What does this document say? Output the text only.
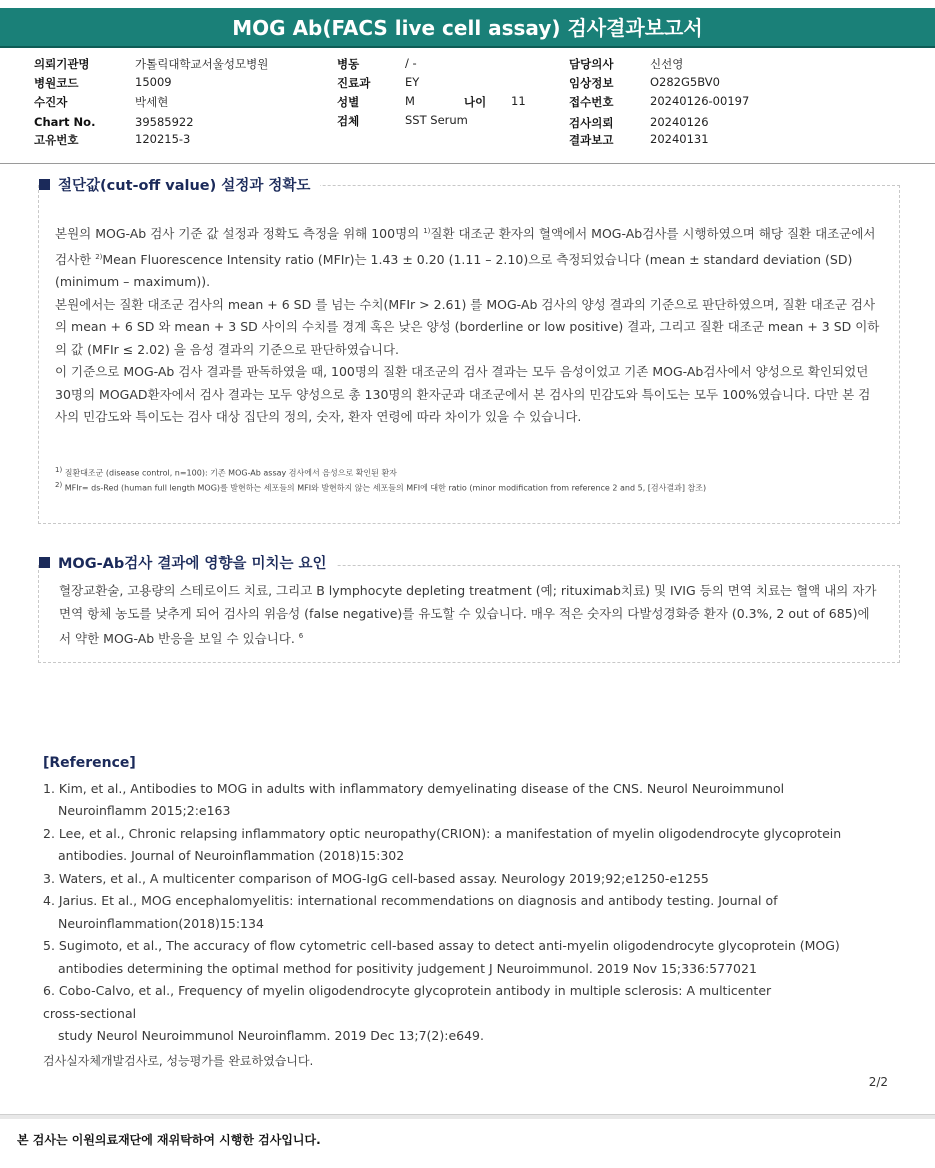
MOG Ab(FACS live cell assay) 검사결과보고서
의뢰기관명	가톨릭대학교서울성모병원
병원코드	15009
수진자	박세현
Chart No.	39585922
고유번호	120215-3
병동	/ -
진료과	EY
성별	M	나이 11
검체	SST Serum
담당의사	신선영
임상정보	O282G5BV0
접수번호	20240126-00197
검사의뢰	20240126
결과보고	20240131

본원의 MOG-Ab 검사 기준 값 설정과 정확도 측정을 위해 100명의 $^{1)}$질환 대조군 환자의 혈액에서 MOG-Ab검사를 시행하였으며 해당 질환 대조군에서 검사한 $^{2)}$Mean Fluorescence Intensity ratio (MFIr)는 1.43 ± 0.20 (1.11 – 2.10)으로 측정되었습니다 (mean ± standard deviation (SD) (minimum – maximum)).

본원에서는 질환 대조군 검사의 mean + 6 SD 를 넘는 수치(MFIr > 2.61) 를 MOG-Ab 검사의 양성 결과의 기준으로 판단하였으며, 질환 대조군 검사의 mean + 6 SD 와 mean + 3 SD 사이의 수치를 경계 혹은 낮은 양성 (borderline or low positive) 결과, 그리고 질환 대조군 mean + 3 SD 이하의 값 (MFIr ≤ 2.02) 을 음성 결과의 기준으로 판단하였습니다.

이 기준으로 MOG-Ab 검사 결과를 판독하였을 때, 100명의 질환 대조군의 검사 결과는 모두 음성이었고 기존 MOG-Ab검사에서 양성으로 확인되었던 30명의 MOGAD환자에서 검사 결과는 모두 양성으로 총 130명의 환자군과 대조군에서 본 검사의 민감도와 특이도는 모두 100%였습니다. 다만 본 검사의 민감도와 특이도는 검사 대상 집단의 정의, 숫자, 환자 연령에 따라 차이가 있을 수 있습니다.

$^{1)}$ 질환대조군 (disease control, n=100): 기존 MOG-Ab assay 검사에서 음성으로 확인된 환자
$^{2)}$ MFIr= ds-Red (human full length MOG)를 발현하는 세포들의 MFI와 발현하지 않는 세포들의 MFI에 대한 ratio (minor modification from reference 2 and 5, [검사결과] 참조)
절단값(cut-off value) 설정과 정확도
혈장교환술, 고용량의 스테로이드 치료, 그리고 B lymphocyte depleting treatment (예; rituximab치료) 및 IVIG 등의 면역 치료는 혈액 내의 자가면역 항체 농도를 낮추게 되어 검사의 위음성 (false negative)를 유도할 수 있습니다. 매우 적은 숫자의 다발성경화증 환자 (0.3%, 2 out of 685)에서 약한 MOG-Ab 반응을 보일 수 있습니다. $^6$
MOG-Ab검사 결과에 영향을 미치는 요인
[Reference]
1. Kim, et al., Antibodies to MOG in adults with inflammatory demyelinating disease of the CNS. Neurol Neuroimmunol
Neuroinflamm 2015;2:e163
2. Lee, et al., Chronic relapsing inflammatory optic neuropathy(CRION): a manifestation of myelin oligodendrocyte glycoprotein
antibodies. Journal of Neuroinflammation (2018)15:302
3. Waters, et al., A multicenter comparison of MOG-IgG cell-based assay. Neurology 2019;92;e1250-e1255
4. Jarius. Et al., MOG encephalomyelitis: international recommendations on diagnosis and antibody testing. Journal of
Neuroinflammation(2018)15:134
5. Sugimoto, et al., The accuracy of flow cytometric cell-based assay to detect anti-myelin oligodendrocyte glycoprotein (MOG)
antibodies determining the optimal method for positivity judgement J Neuroimmunol. 2019 Nov 15;336:577021
6. Cobo-Calvo, et al., Frequency of myelin oligodendrocyte glycoprotein antibody in multiple sclerosis: A multicenter
cross-sectional
study Neurol Neuroimmunol Neuroinflamm. 2019 Dec 13;7(2):e649.
검사실자체개발검사로, 성능평가를 완료하였습니다.
2/2
본 검사는 이원의료재단에 재위탁하여 시행한 검사입니다.
